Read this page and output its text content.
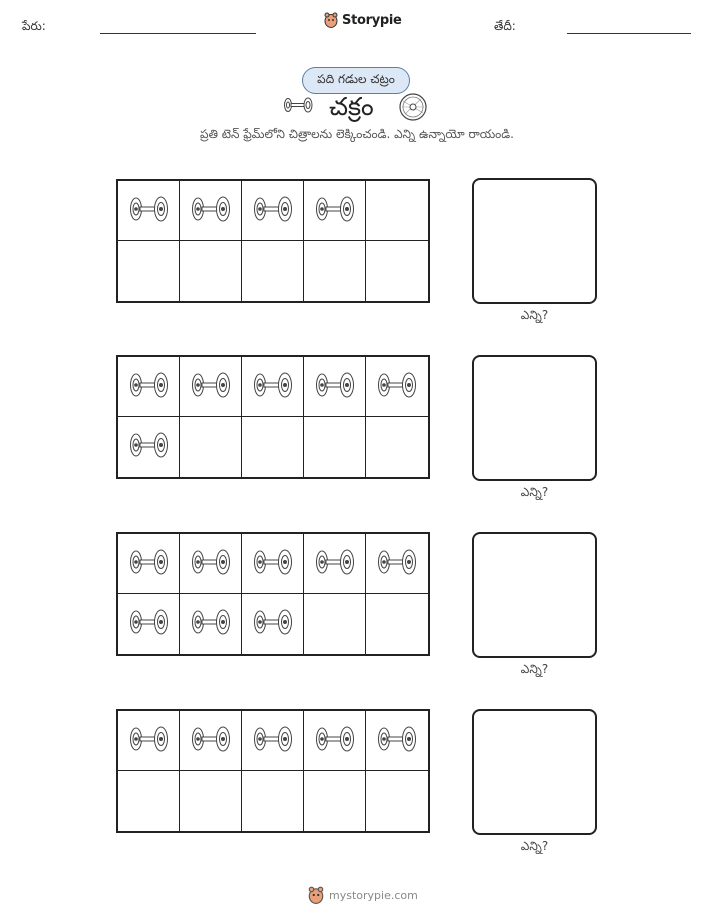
పేరు:	Storypie	తేదీ:
పది గడుల చట్రం
చక్రం
ప్రతి టెన్ ఫ్రేమ్‌లోని చిత్రాలను లెక్కించండి. ఎన్ని ఉన్నాయో రాయండి.
ఎన్ని?
ఎన్ని?
ఎన్ని?
ఎన్ని?
mystorypie.com
